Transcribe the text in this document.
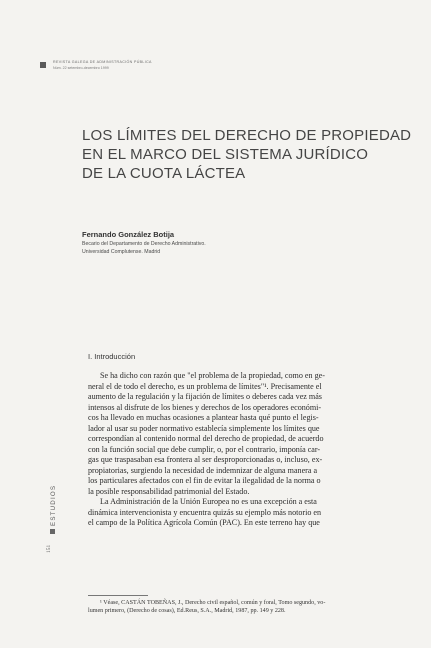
REVISTA GALEGA DE ADMINISTRACIÓN PÚBLICA
Núm. 22 setembro-decembro 1999
LOS LÍMITES DEL DERECHO DE PROPIEDAD
EN EL MARCO DEL SISTEMA JURÍDICO
DE LA CUOTA LÁCTEA
Fernando González Botija
Becario del Departamento de Derecho Administrativo.
Universidad Complutense. Madrid
I. Introducción
Se ha dicho con razón que "el problema de la propiedad, como en ge-
neral el de todo el derecho, es un problema de límites"¹. Precisamente el
aumento de la regulación y la fijación de límites o deberes cada vez más
intensos al disfrute de los bienes y derechos de los operadores económi-
cos ha llevado en muchas ocasiones a plantear hasta qué punto el legis-
lador al usar su poder normativo establecía simplemente los límites que
correspondían al contenido normal del derecho de propiedad, de acuerdo
con la función social que debe cumplir, o, por el contrario, imponía car-
gas que traspasaban esa frontera al ser desproporcionadas o, incluso, ex-
propiatorias, surgiendo la necesidad de indemnizar de alguna manera a
los particulares afectados con el fin de evitar la ilegalidad de la norma o
la posible responsabilidad patrimonial del Estado.
La Administración de la Unión Europea no es una excepción a esta
dinámica intervencionista y encuentra quizás su ejemplo más notorio en
el campo de la Política Agrícola Común (PAC). En este terreno hay que
¹ Véase, CASTÁN TOBEÑAS, J., Derecho civil español, común y foral, Tomo segundo, vo-
lumen primero, (Derecho de cosas), Ed.Reus, S.A., Madrid, 1987, pp. 149 y 228.
ESTUDIOS
151
